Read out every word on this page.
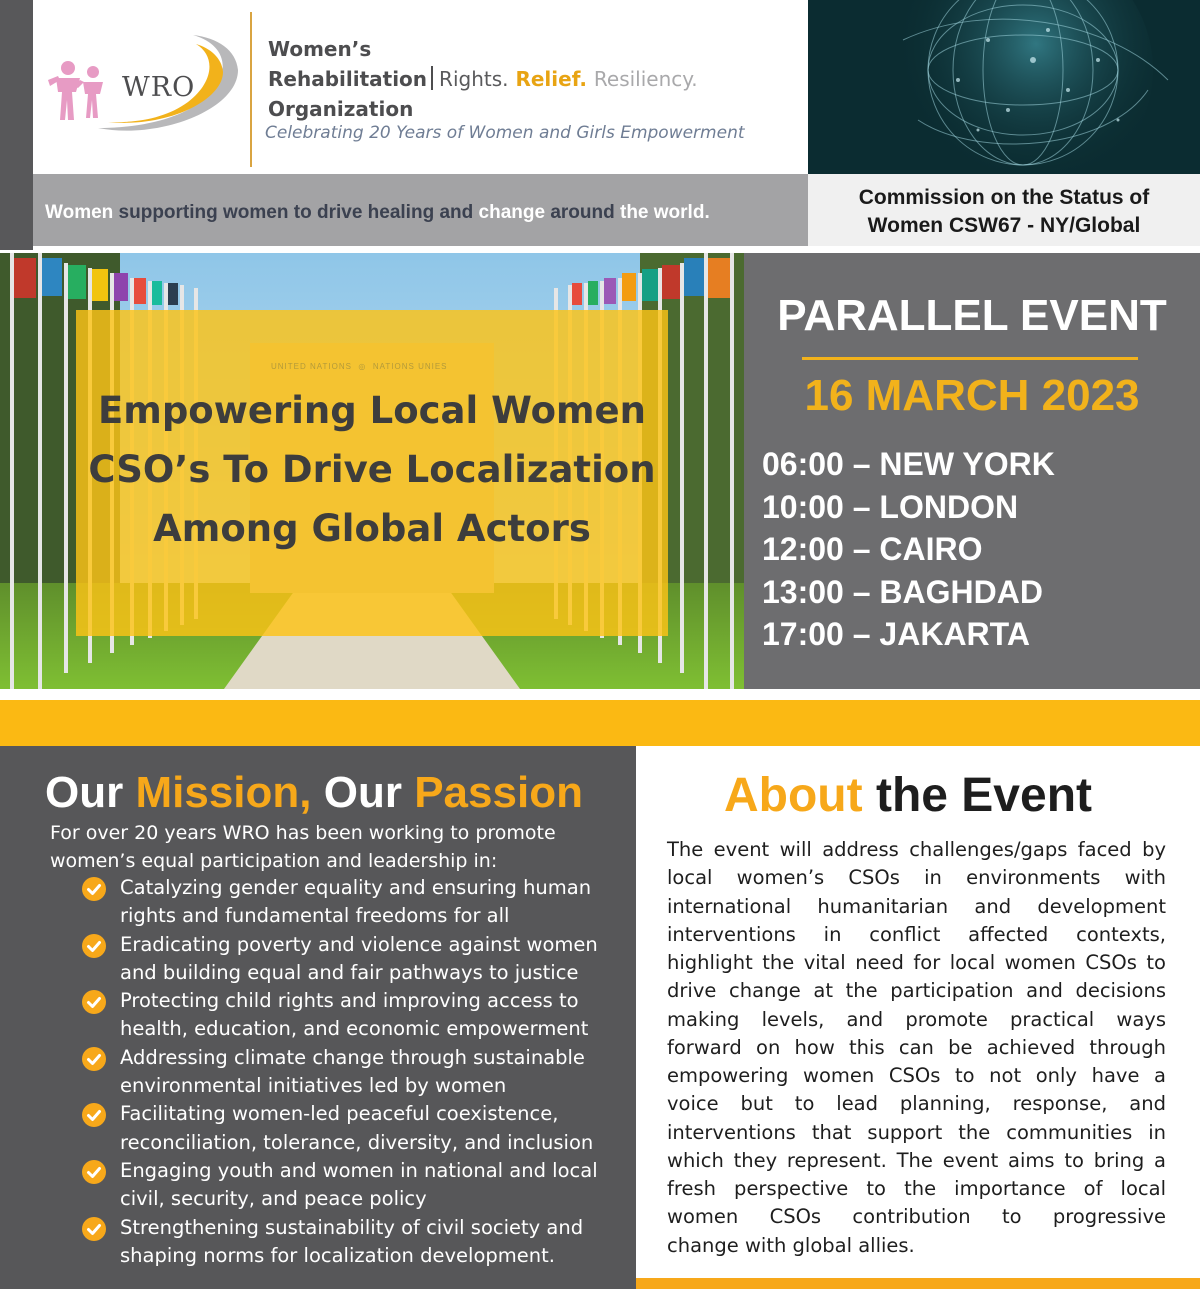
WRO
Women’s
Rehabilitation Rights. Relief. Resiliency.
Organization
Celebrating 20 Years of Women and Girls Empowerment
Women supporting women to drive healing and change around the world.
Commission on the Status of
Women CSW67 - NY/Global
UNITED NATIONS  ◎  NATIONS UNIES
Empowering Local Women
CSO’s To Drive Localization
Among Global Actors
PARALLEL EVENT
16 MARCH 2023
06:00 – NEW YORK
10:00 – LONDON
12:00 – CAIRO
13:00 – BAGHDAD
17:00 – JAKARTA
Our Mission, Our Passion
For over 20 years WRO has been working to promote
women’s equal participation and leadership in:
Catalyzing gender equality and ensuring human
rights and fundamental freedoms for all
Eradicating poverty and violence against women
and building equal and fair pathways to justice
Protecting child rights and improving access to
health, education, and economic empowerment
Addressing climate change through sustainable
environmental initiatives led by women
Facilitating women-led peaceful coexistence,
reconciliation, tolerance, diversity, and inclusion
Engaging youth and women in national and local
civil, security, and peace policy
Strengthening sustainability of civil society and
shaping norms for localization development.
About the Event
The event will address challenges/gaps faced by
local women’s CSOs in environments with
international humanitarian and development
interventions in conflict affected contexts,
highlight the vital need for local women CSOs to
drive change at the participation and decisions
making levels, and promote practical ways
forward on how this can be achieved through
empowering women CSOs to not only have a
voice but to lead planning, response, and
interventions that support the communities in
which they represent. The event aims to bring a
fresh perspective to the importance of local
women CSOs contribution to progressive
change with global allies.
